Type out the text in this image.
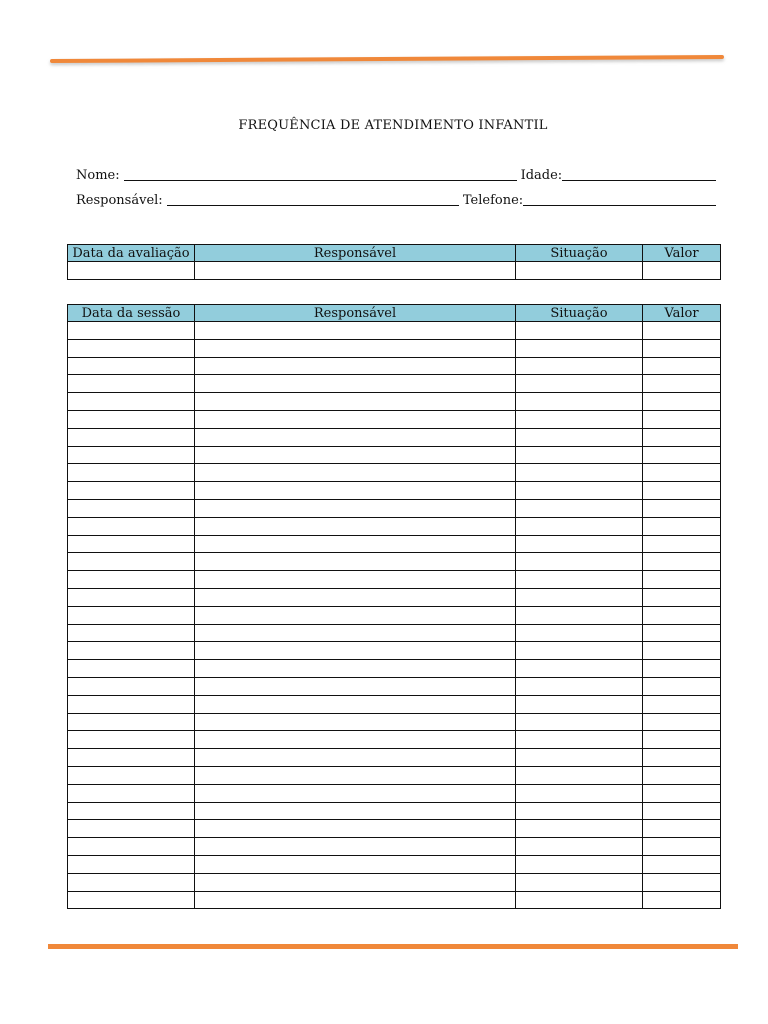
FREQUÊNCIA DE ATENDIMENTO INFANTIL
Nome:	Idade:
Responsável:	Telefone:
Data da avaliação	Responsável	Situação	Valor

Data da sessão	Responsável	Situação	Valor
